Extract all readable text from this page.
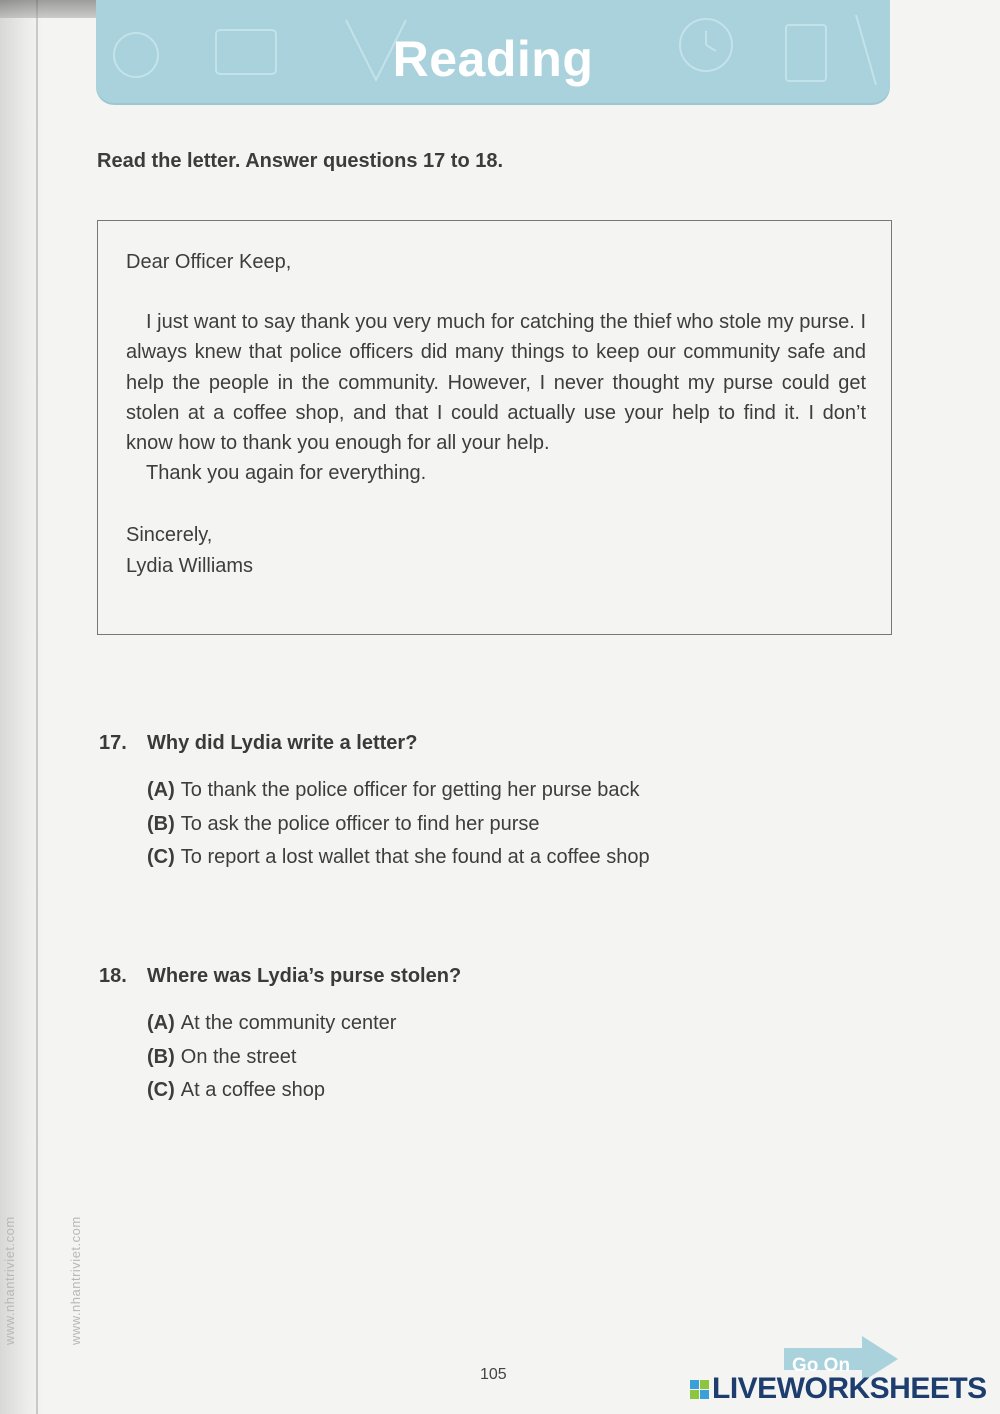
Reading
Read the letter. Answer questions 17 to 18.

Dear Officer Keep,

I just want to say thank you very much for catching the thief who stole my purse. I always knew that police officers did many things to keep our community safe and help the people in the community. However, I never thought my purse could get stolen at a coffee shop, and that I could actually use your help to find it. I don’t know how to thank you enough for all your help.

Thank you again for everything.

Sincerely,

Lydia Williams

17. Why did Lydia write a letter?
(A) To thank the police officer for getting her purse back
(B) To ask the police officer to find her purse
(C) To report a lost wallet that she found at a coffee shop
18. Where was Lydia’s purse stolen?
(A) At the community center
(B) On the street
(C) At a coffee shop
www.nhantriviet.com	www.nhantriviet.com
105	Go On
LIVEWORKSHEETS
